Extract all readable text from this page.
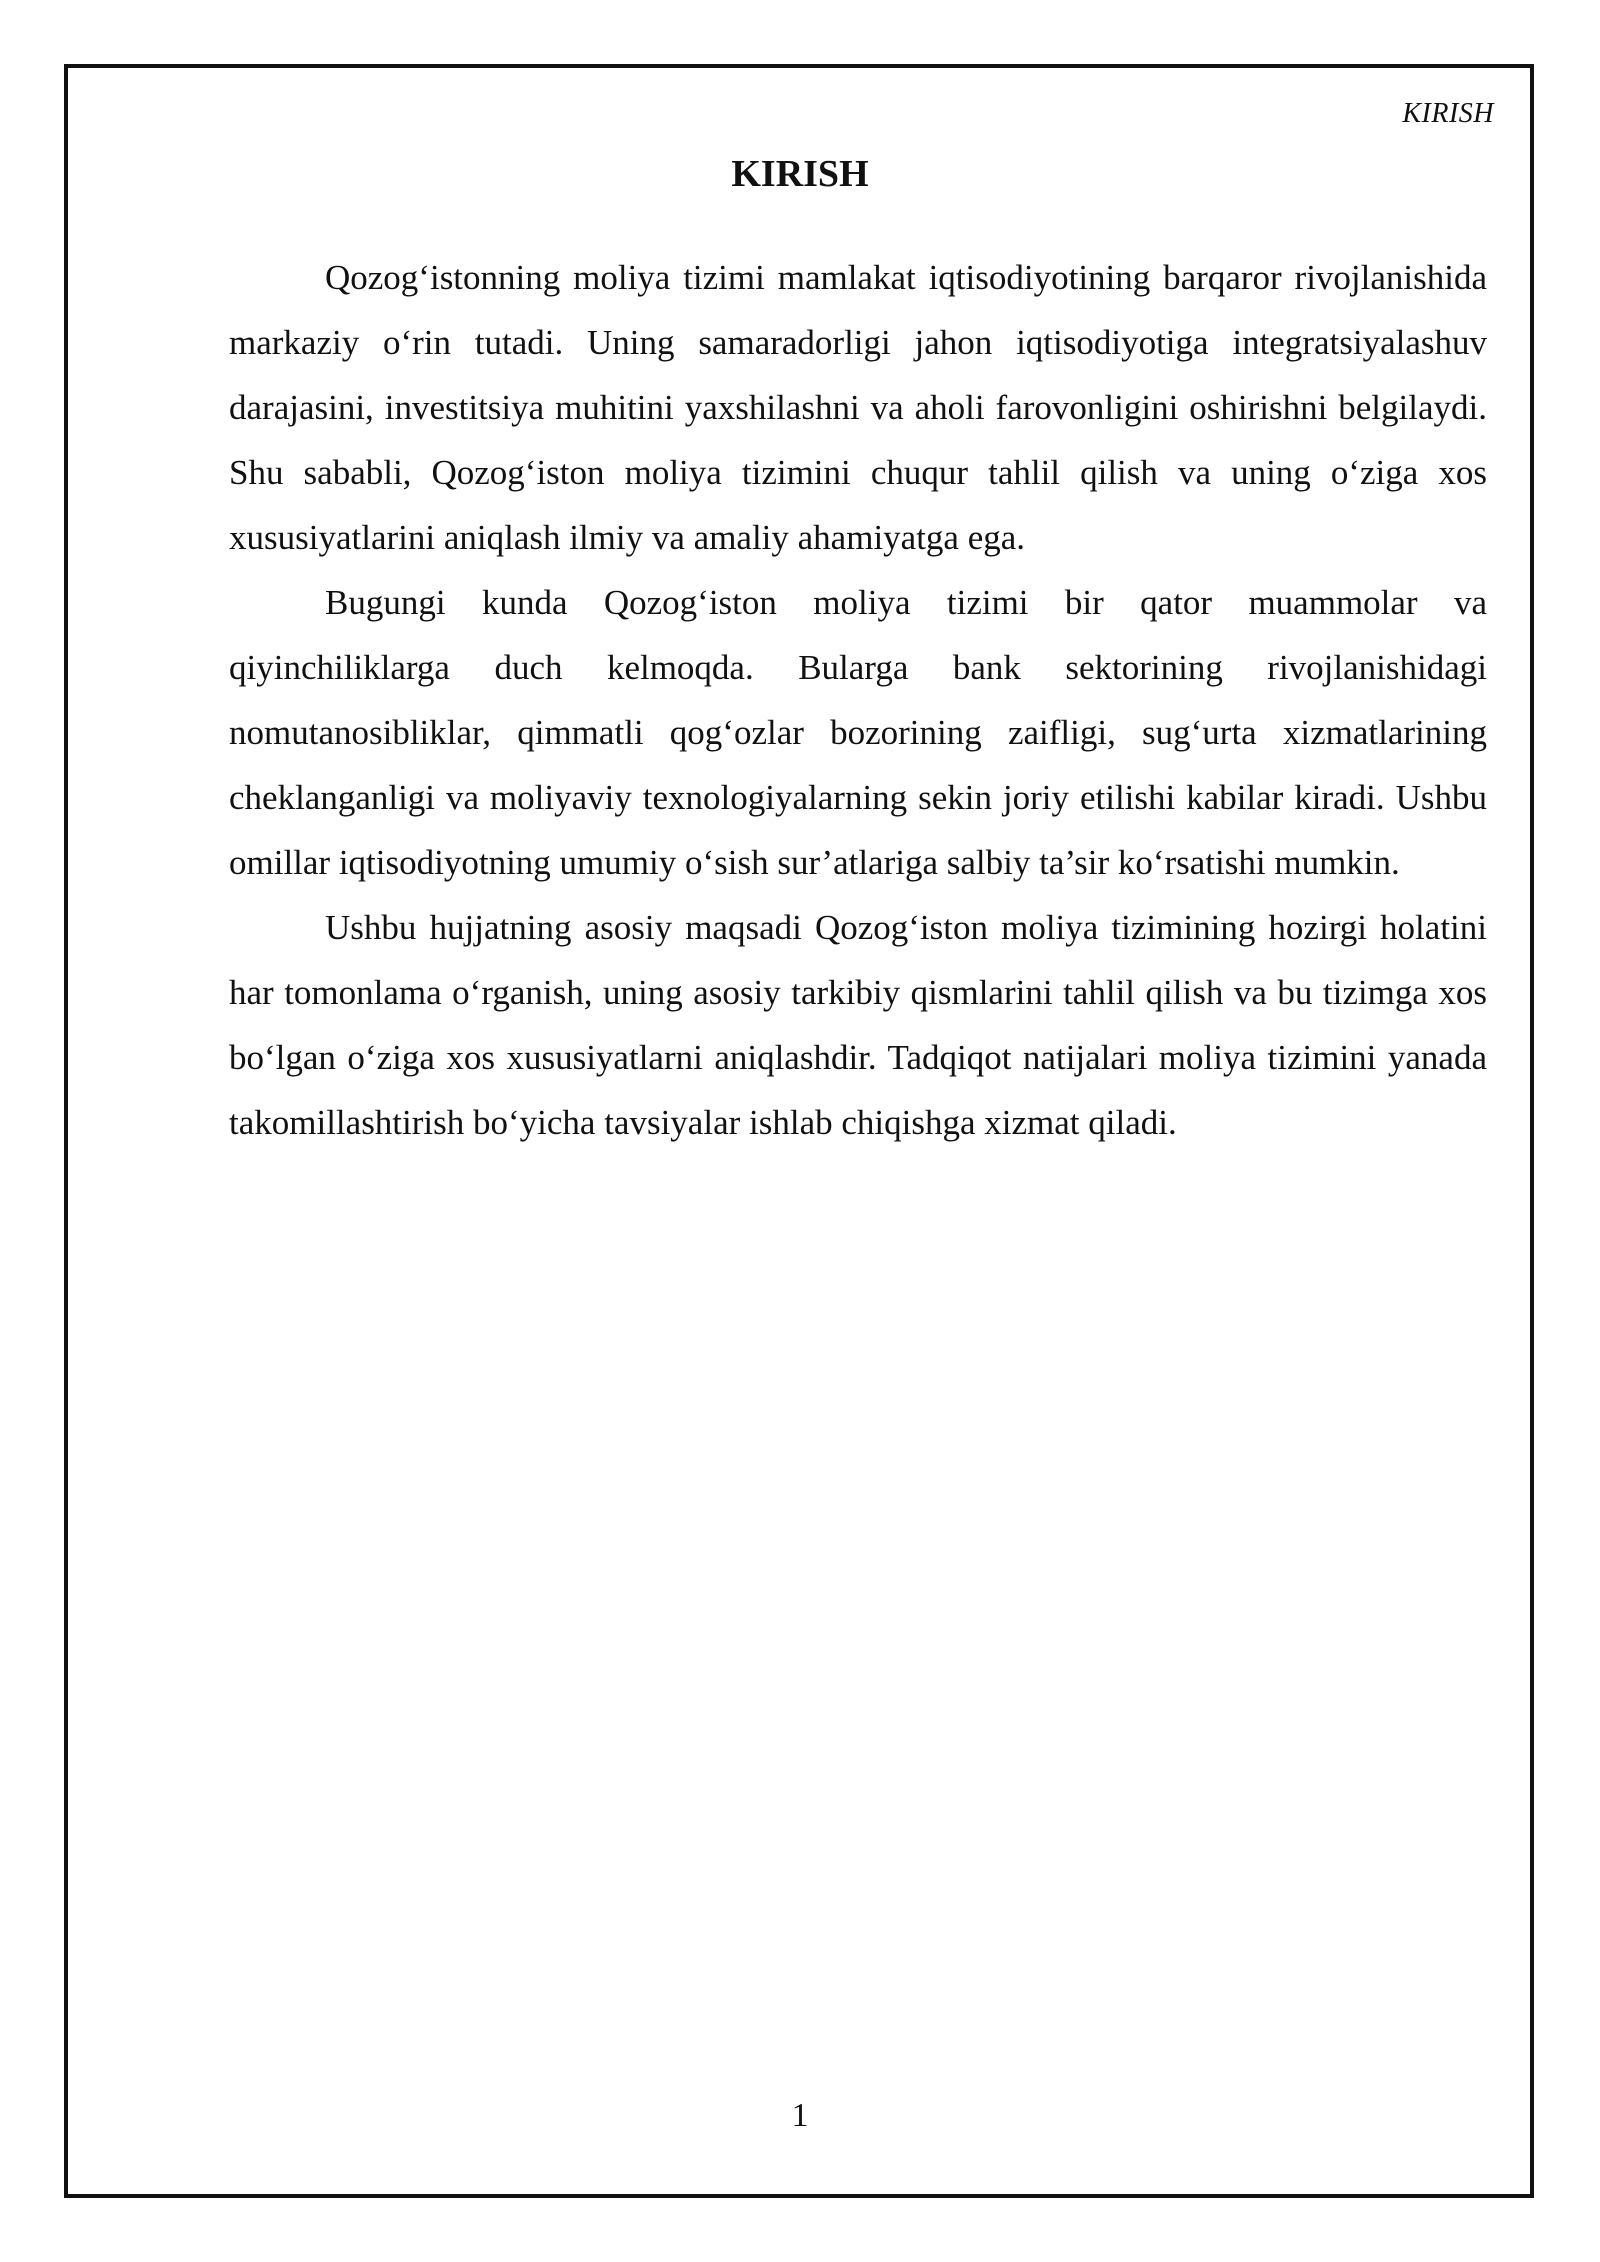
KIRISH
KIRISH

Qozog‘istonning moliya tizimi mamlakat iqtisodiyotining barqaror rivojlanishida markaziy o‘rin tutadi. Uning samaradorligi jahon iqtisodiyotiga integratsiyalashuv darajasini, investitsiya muhitini yaxshilashni va aholi farovonligini oshirishni belgilaydi. Shu sababli, Qozog‘iston moliya tizimini chuqur tahlil qilish va uning o‘ziga xos xususiyatlarini aniqlash ilmiy va amaliy ahamiyatga ega.

Bugungi kunda Qozog‘iston moliya tizimi bir qator muammolar va qiyinchiliklarga duch kelmoqda. Bularga bank sektorining rivojlanishidagi nomutanosibliklar, qimmatli qog‘ozlar bozorining zaifligi, sug‘urta xizmatlarining cheklanganligi va moliyaviy texnologiyalarning sekin joriy etilishi kabilar kiradi. Ushbu omillar iqtisodiyotning umumiy o‘sish sur’atlariga salbiy ta’sir ko‘rsatishi mumkin.

Ushbu hujjatning asosiy maqsadi Qozog‘iston moliya tizimining hozirgi holatini har tomonlama o‘rganish, uning asosiy tarkibiy qismlarini tahlil qilish va bu tizimga xos bo‘lgan o‘ziga xos xususiyatlarni aniqlashdir. Tadqiqot natijalari moliya tizimini yanada takomillashtirish bo‘yicha tavsiyalar ishlab chiqishga xizmat qiladi.

1
